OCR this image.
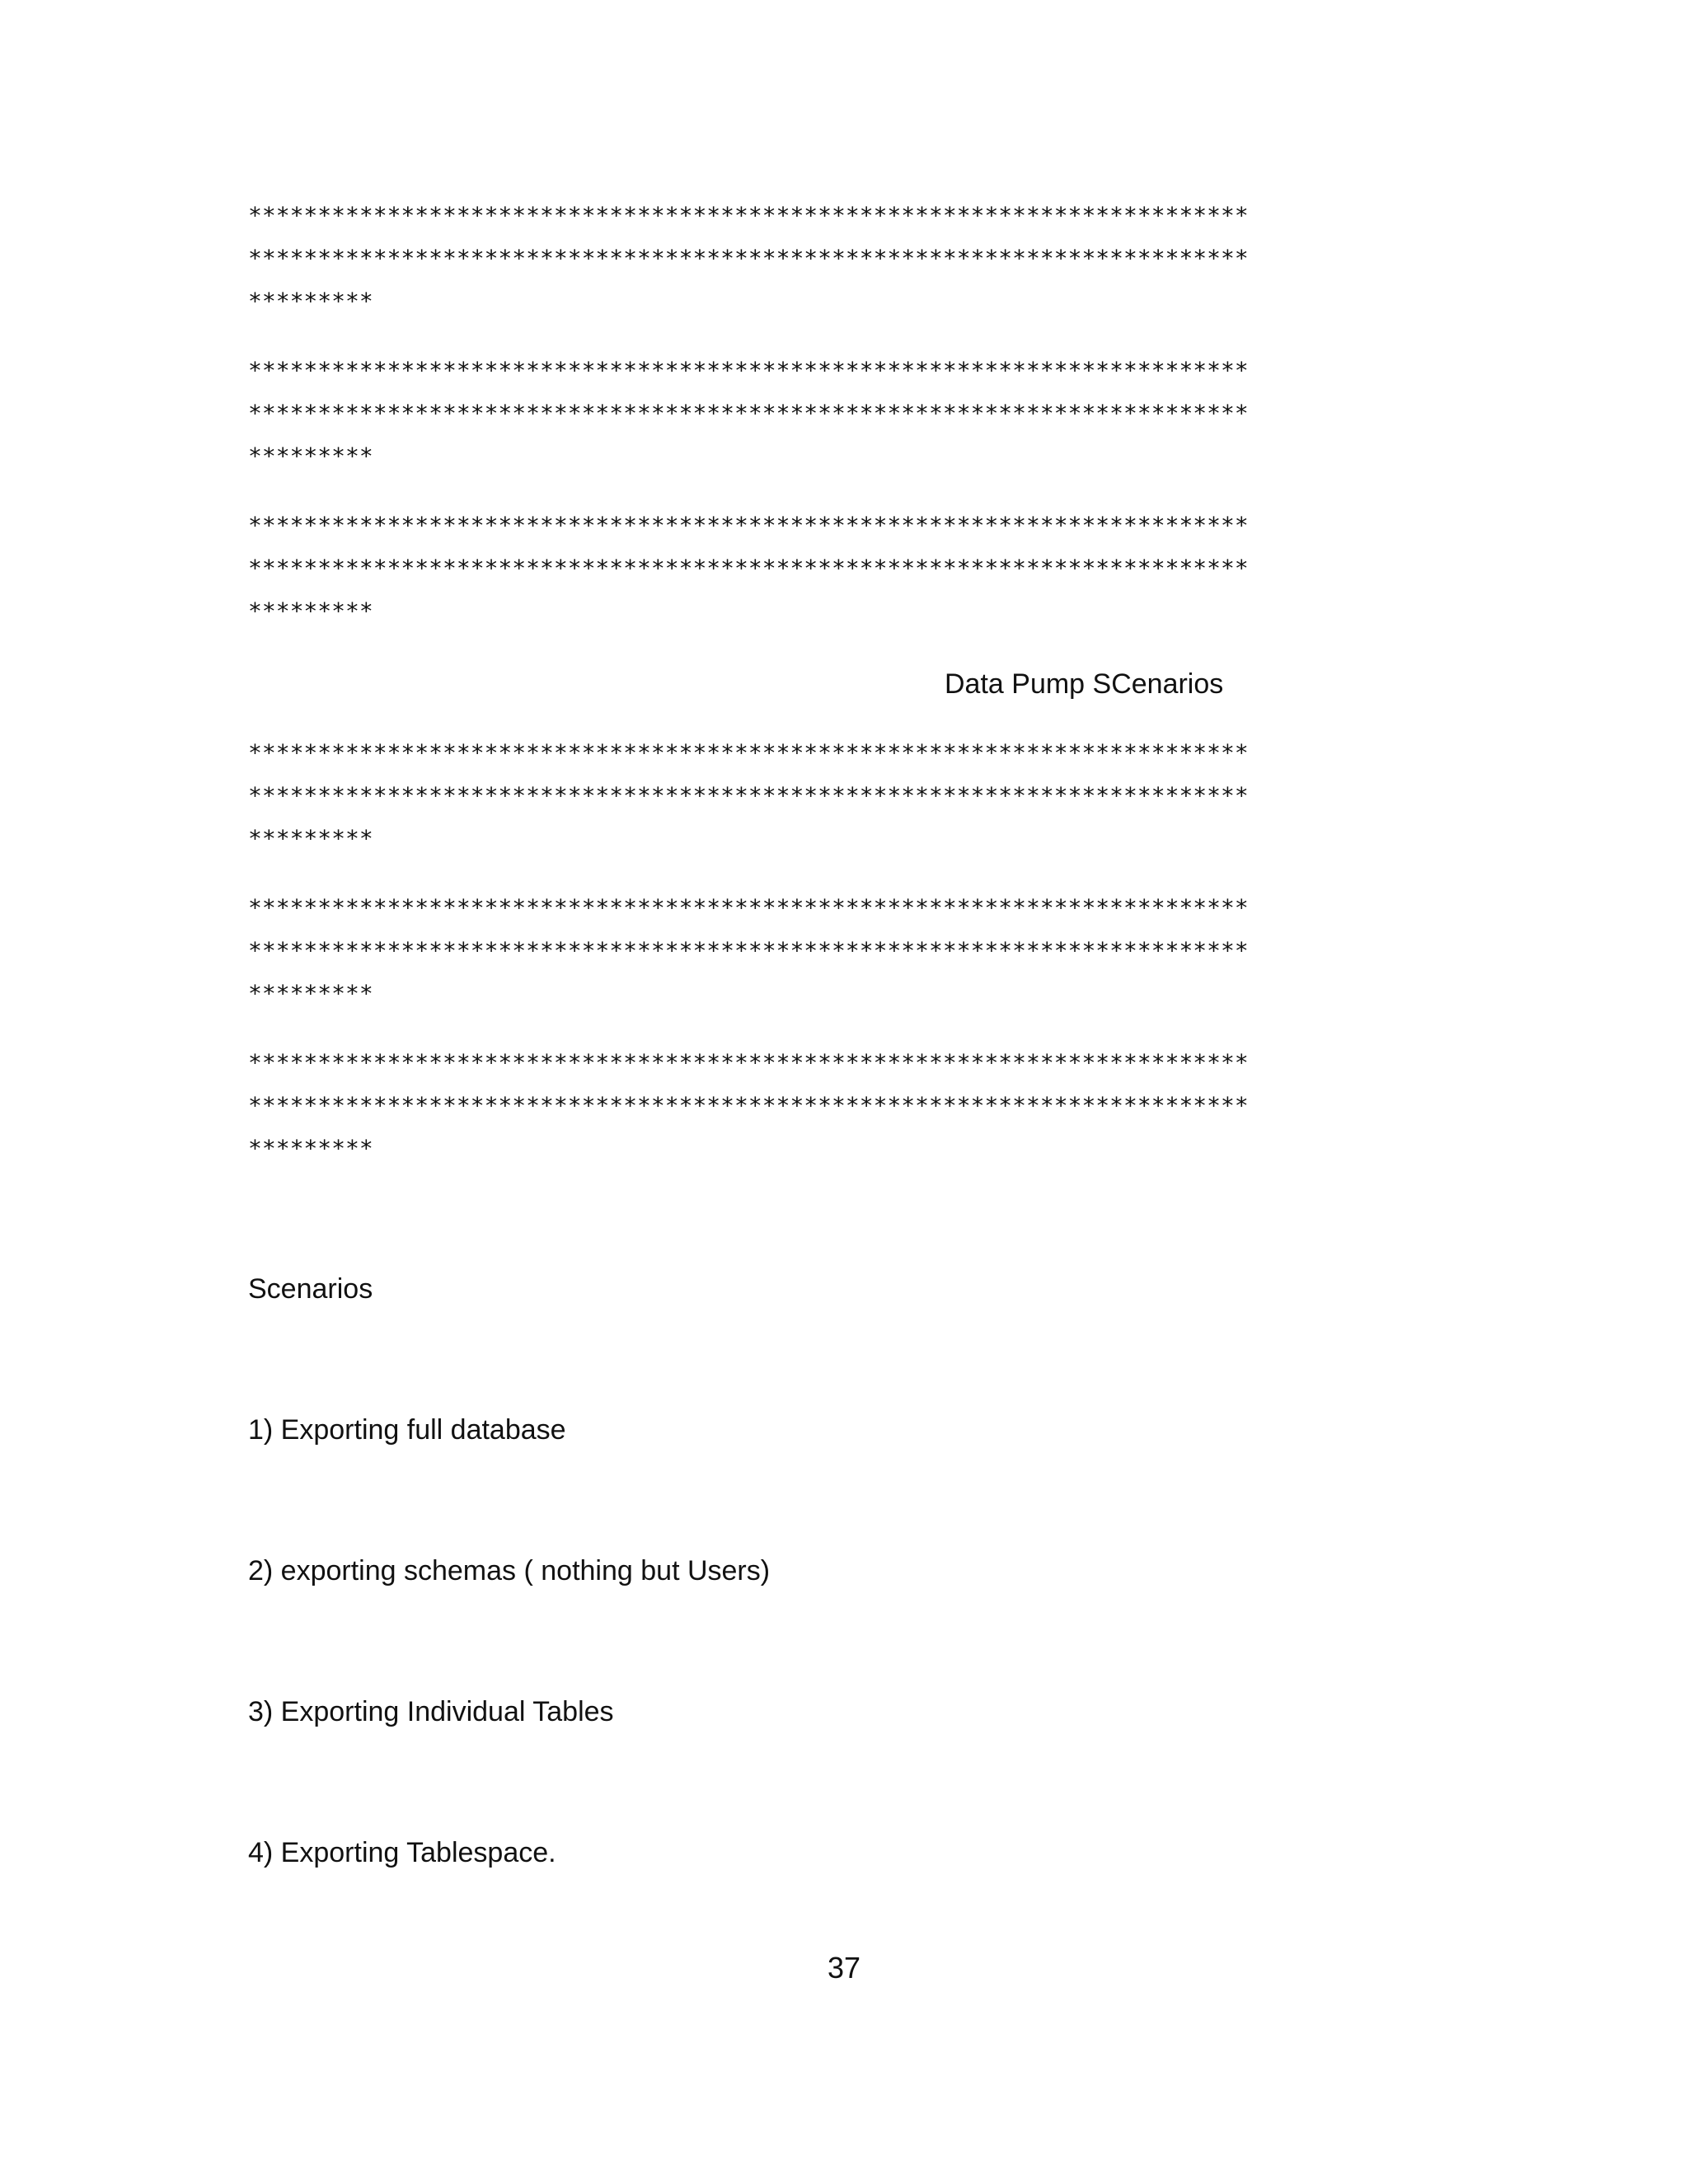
************************************************************************
************************************************************************
*********
************************************************************************
************************************************************************
*********
************************************************************************
************************************************************************
*********
Data Pump SCenarios
************************************************************************
************************************************************************
*********
************************************************************************
************************************************************************
*********
************************************************************************
************************************************************************
*********
Scenarios
1) Exporting full database
2) exporting schemas ( nothing but Users)
3) Exporting Individual Tables
4) Exporting Tablespace.
37
